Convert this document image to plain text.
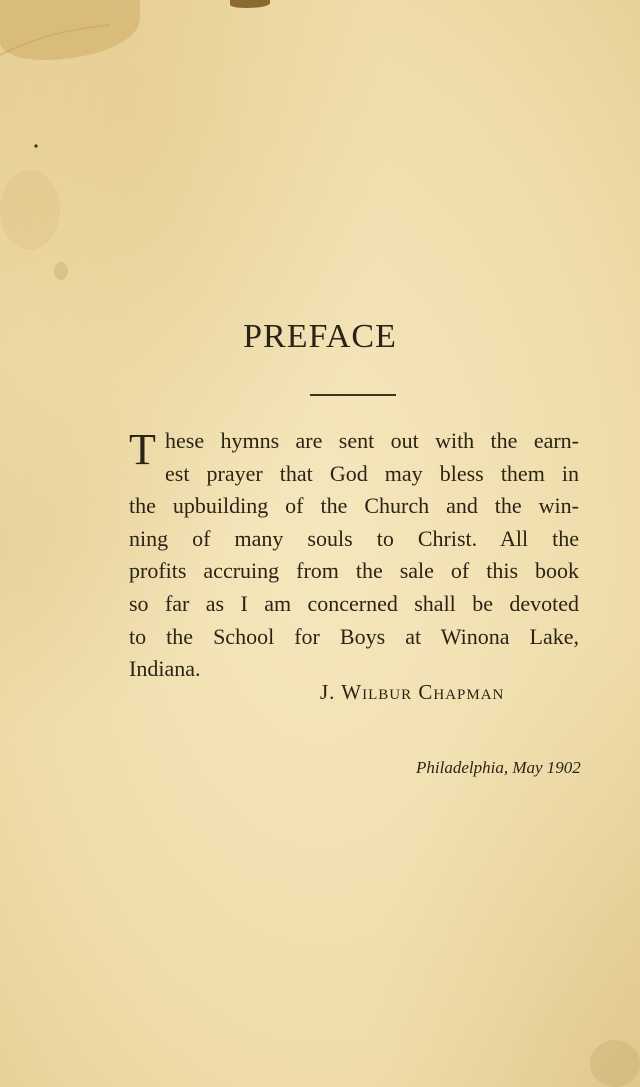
PREFACE
T hese hymns are sent out with the earn-
est prayer that God may bless them in
the upbuilding of the Church and the win-
ning of many souls to Christ. All the
profits accruing from the sale of this book
so far as I am concerned shall be devoted
to the School for Boys at Winona Lake,
Indiana.
J. Wilbur Chapman
Philadelphia, May 1902
